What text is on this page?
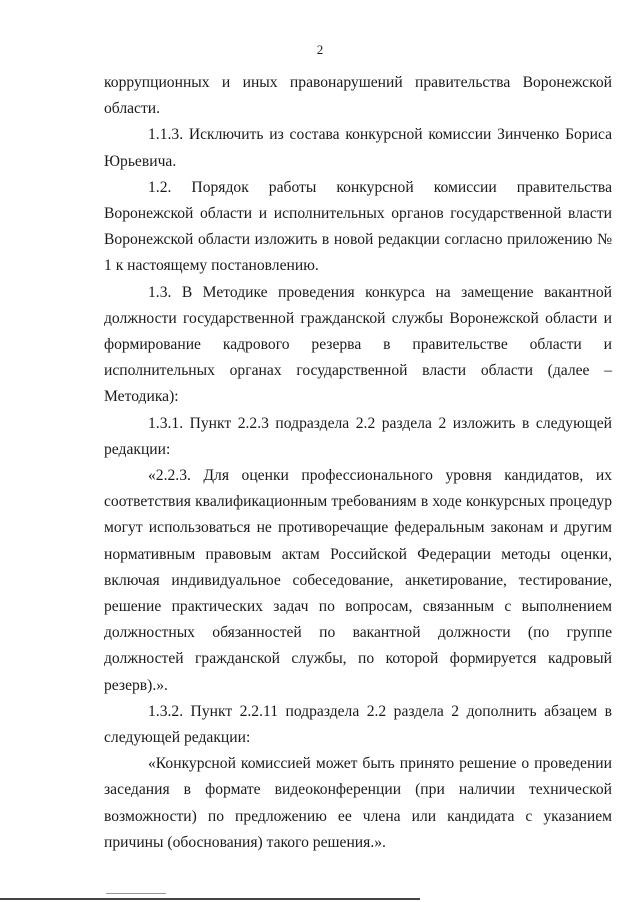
2

коррупционных и иных правонарушений правительства Воронежской области.

1.1.3. Исключить из состава конкурсной комиссии Зинченко Бориса Юрьевича.

1.2. Порядок работы конкурсной комиссии правительства Воронежской области и исполнительных органов государственной власти Воронежской области изложить в новой редакции согласно приложению № 1 к настоящему постановлению.

1.3. В Методике проведения конкурса на замещение вакантной должности государственной гражданской службы Воронежской области и формирование кадрового резерва в правительстве области и исполнительных органах государственной власти области (далее – Методика):

1.3.1. Пункт 2.2.3 подраздела 2.2 раздела 2 изложить в следующей редакции:

«2.2.3. Для оценки профессионального уровня кандидатов, их соответствия квалификационным требованиям в ходе конкурсных процедур могут использоваться не противоречащие федеральным законам и другим нормативным правовым актам Российской Федерации методы оценки, включая индивидуальное собеседование, анкетирование, тестирование, решение практических задач по вопросам, связанным с выполнением должностных обязанностей по вакантной должности (по группе должностей гражданской службы, по которой формируется кадровый резерв).».

1.3.2. Пункт 2.2.11 подраздела 2.2 раздела 2 дополнить абзацем в следующей редакции:

«Конкурсной комиссией может быть принято решение о проведении заседания в формате видеоконференции (при наличии технической возможности) по предложению ее члена или кандидата с указанием причины (обоснования) такого решения.».
